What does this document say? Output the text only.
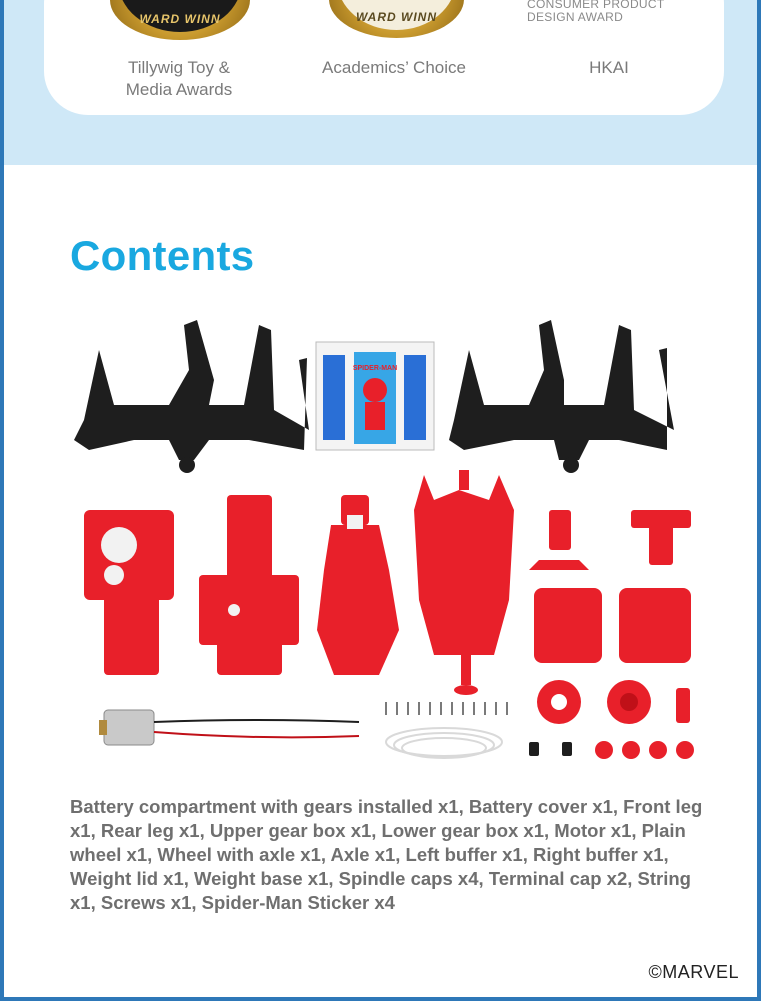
WARD WINN
Tillywig Toy &
Media Awards
WARD WINN
Academics’ Choice
CONSUMER PRODUCT
DESIGN AWARD
HKAI
Contents
SPIDER-MAN

Battery compartment with gears installed x1, Battery cover x1, Front leg x1, Rear leg x1, Upper gear box x1, Lower gear box x1, Motor x1, Plain wheel x1, Wheel with axle x1, Axle x1, Left buffer x1, Right buffer x1, Weight lid x1, Weight base x1, Spindle caps x4, Terminal cap x2, String x1, Screws x1, Spider-Man Sticker x4

©MARVEL
